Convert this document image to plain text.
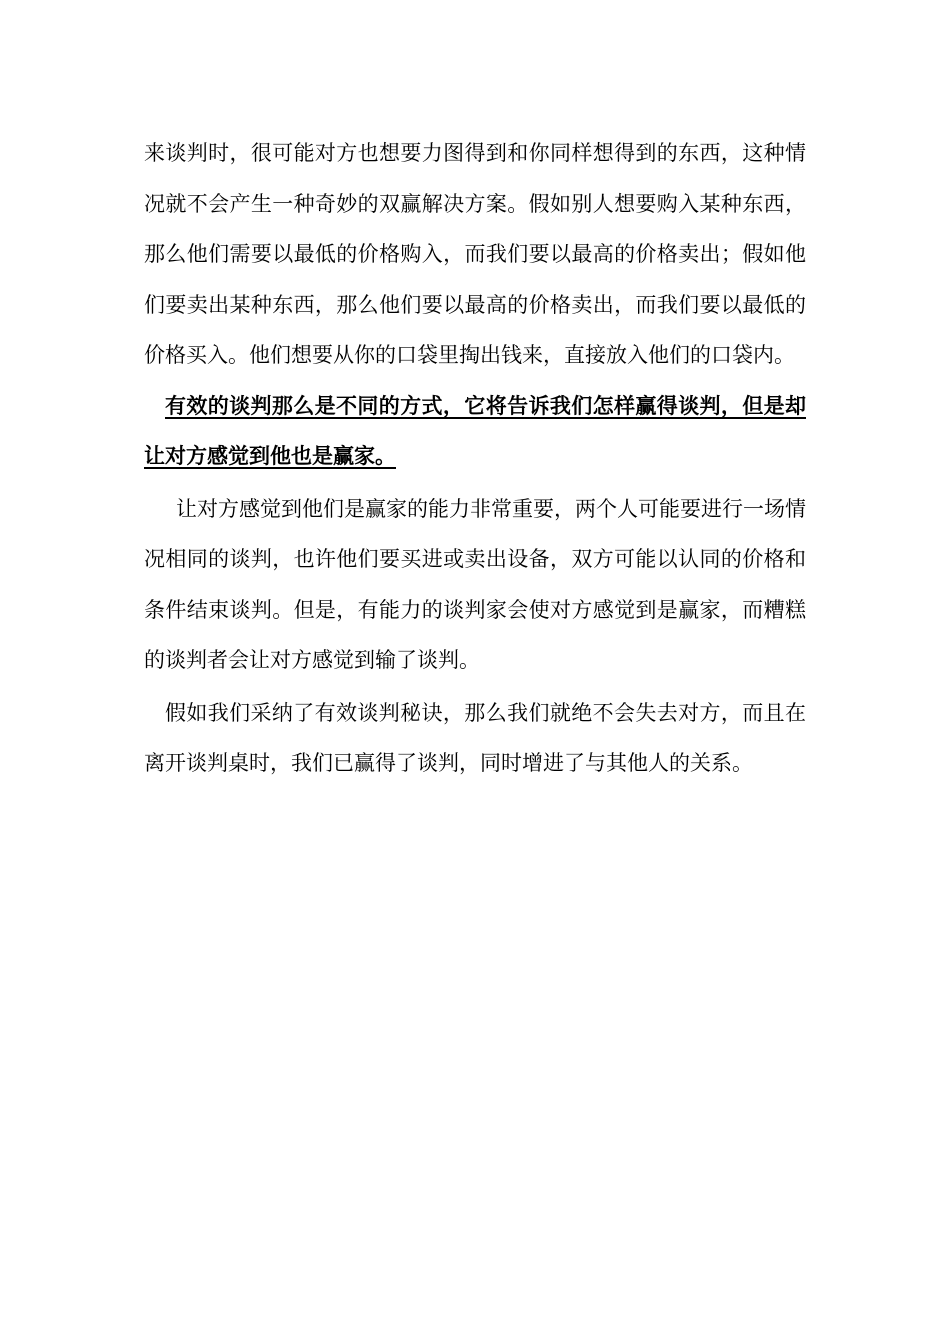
来谈判时，很可能对方也想要力图得到和你同样想得到的东西，这种情况就不会产生一种奇妙的双赢解决方案。假如别人想要购入某种东西，那么他们需要以最低的价格购入，而我们要以最高的价格卖出；假如他们要卖出某种东西，那么他们要以最高的价格卖出，而我们要以最低的价格买入。他们想要从你的口袋里掏出钱来，直接放入他们的口袋内。

有效的谈判那么是不同的方式，它将告诉我们怎样赢得谈判，但是却让对方感觉到他也是赢家。

让对方感觉到他们是赢家的能力非常重要，两个人可能要进行一场情况相同的谈判，也许他们要买进或卖出设备，双方可能以认同的价格和条件结束谈判。但是，有能力的谈判家会使对方感觉到是赢家，而糟糕的谈判者会让对方感觉到输了谈判。

假如我们采纳了有效谈判秘诀，那么我们就绝不会失去对方，而且在离开谈判桌时，我们已赢得了谈判，同时增进了与其他人的关系。
